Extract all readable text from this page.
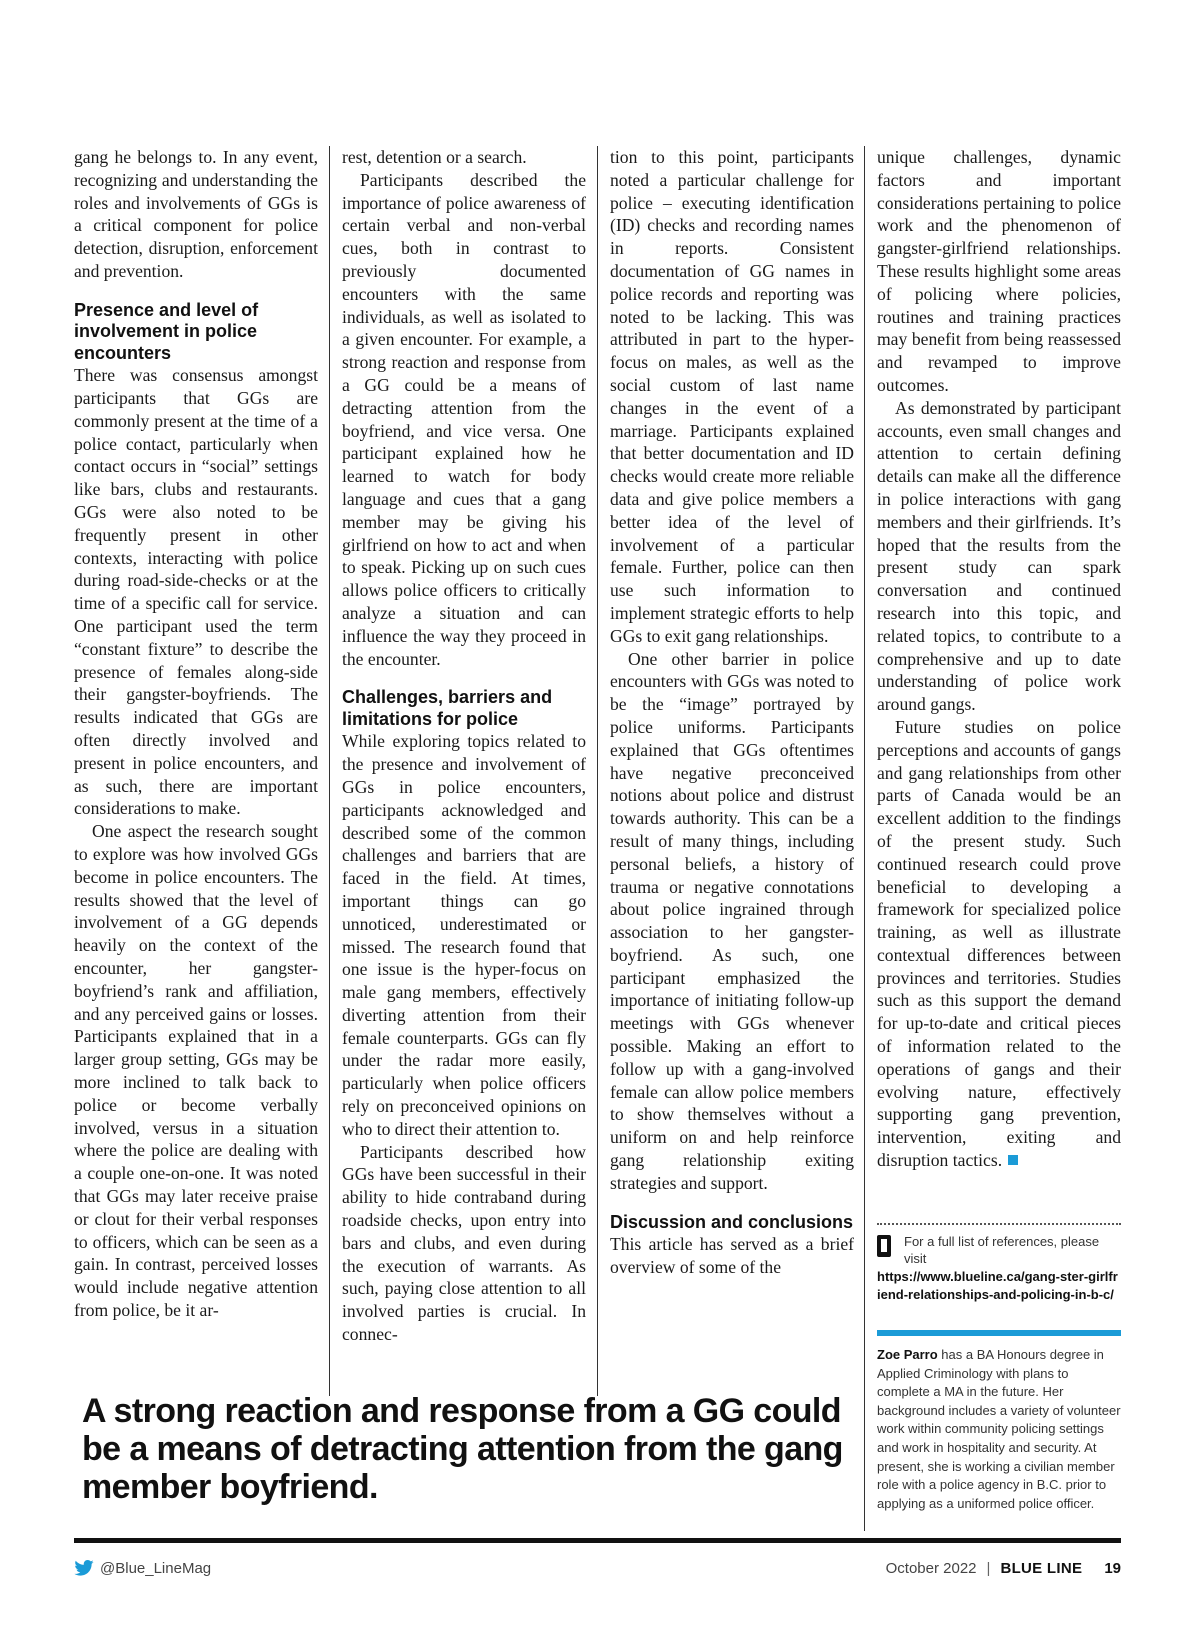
gang he belongs to. In any event, recognizing and understanding the roles and involvements of GGs is a critical component for police detection, disruption, enforcement and prevention.

Presence and level of involvement in police encounters

There was consensus amongst participants that GGs are commonly present at the time of a police contact, particularly when contact occurs in “social” settings like bars, clubs and restaurants. GGs were also noted to be frequently present in other contexts, interacting with police during road-side-checks or at the time of a specific call for service. One participant used the term “constant fixture” to describe the presence of females along-side their gangster-boyfriends. The results indicated that GGs are often directly involved and present in police encounters, and as such, there are important considerations to make.

One aspect the research sought to explore was how involved GGs become in police encounters. The results showed that the level of involvement of a GG depends heavily on the context of the encounter, her gangster-boyfriend’s rank and affiliation, and any perceived gains or losses. Participants explained that in a larger group setting, GGs may be more inclined to talk back to police or become verbally involved, versus in a situation where the police are dealing with a couple one-on-one. It was noted that GGs may later receive praise or clout for their verbal responses to officers, which can be seen as a gain. In contrast, perceived losses would include negative attention from police, be it ar-

rest, detention or a search.

Participants described the importance of police awareness of certain verbal and non-verbal cues, both in contrast to previously documented encounters with the same individuals, as well as isolated to a given encounter. For example, a strong reaction and response from a GG could be a means of detracting attention from the boyfriend, and vice versa. One participant explained how he learned to watch for body language and cues that a gang member may be giving his girlfriend on how to act and when to speak. Picking up on such cues allows police officers to critically analyze a situation and can influence the way they proceed in the encounter.

Challenges, barriers and limitations for police

While exploring topics related to the presence and involvement of GGs in police encounters, participants acknowledged and described some of the common challenges and barriers that are faced in the field. At times, important things can go unnoticed, underestimated or missed. The research found that one issue is the hyper-focus on male gang members, effectively diverting attention from their female counterparts. GGs can fly under the radar more easily, particularly when police officers rely on preconceived opinions on who to direct their attention to.

Participants described how GGs have been successful in their ability to hide contraband during roadside checks, upon entry into bars and clubs, and even during the execution of warrants. As such, paying close attention to all involved parties is crucial. In connec-

tion to this point, participants noted a particular challenge for police – executing identification (ID) checks and recording names in reports. Consistent documentation of GG names in police records and reporting was noted to be lacking. This was attributed in part to the hyper-focus on males, as well as the social custom of last name changes in the event of a marriage. Participants explained that better documentation and ID checks would create more reliable data and give police members a better idea of the level of involvement of a particular female. Further, police can then use such information to implement strategic efforts to help GGs to exit gang relationships.

One other barrier in police encounters with GGs was noted to be the “image” portrayed by police uniforms. Participants explained that GGs oftentimes have negative preconceived notions about police and distrust towards authority. This can be a result of many things, including personal beliefs, a history of trauma or negative connotations about police ingrained through association to her gangster-boyfriend. As such, one participant emphasized the importance of initiating follow-up meetings with GGs whenever possible. Making an effort to follow up with a gang-involved female can allow police members to show themselves without a uniform on and help reinforce gang relationship exiting strategies and support.

Discussion and conclusions

This article has served as a brief overview of some of the

unique challenges, dynamic factors and important considerations pertaining to police work and the phenomenon of gangster-girlfriend relationships. These results highlight some areas of policing where policies, routines and training practices may benefit from being reassessed and revamped to improve outcomes.

As demonstrated by participant accounts, even small changes and attention to certain defining details can make all the difference in police interactions with gang members and their girlfriends. It’s hoped that the results from the present study can spark conversation and continued research into this topic, and related topics, to contribute to a comprehensive and up to date understanding of police work around gangs.

Future studies on police perceptions and accounts of gangs and gang relationships from other parts of Canada would be an excellent addition to the findings of the present study. Such continued research could prove beneficial to developing a framework for specialized police training, as well as illustrate contextual differences between provinces and territories. Studies such as this support the demand for up-to-date and critical pieces of information related to the operations of gangs and their evolving nature, effectively supporting gang prevention, intervention, exiting and disruption tactics.

For a full list of references, please visit
https://www.blueline.ca/gang-ster-girlfriend-relationships-and-policing-in-b-c/

Zoe Parro has a BA Honours degree in Applied Criminology with plans to complete a MA in the future. Her background includes a variety of volunteer work within community policing settings and work in hospitality and security. At present, she is working a civilian member role with a police agency in B.C. prior to applying as a uniformed police officer.

A strong reaction and response from a GG could be a means of detracting attention from the gang member boyfriend.
@Blue_LineMag	October 2022 | BLUE LINE 19
